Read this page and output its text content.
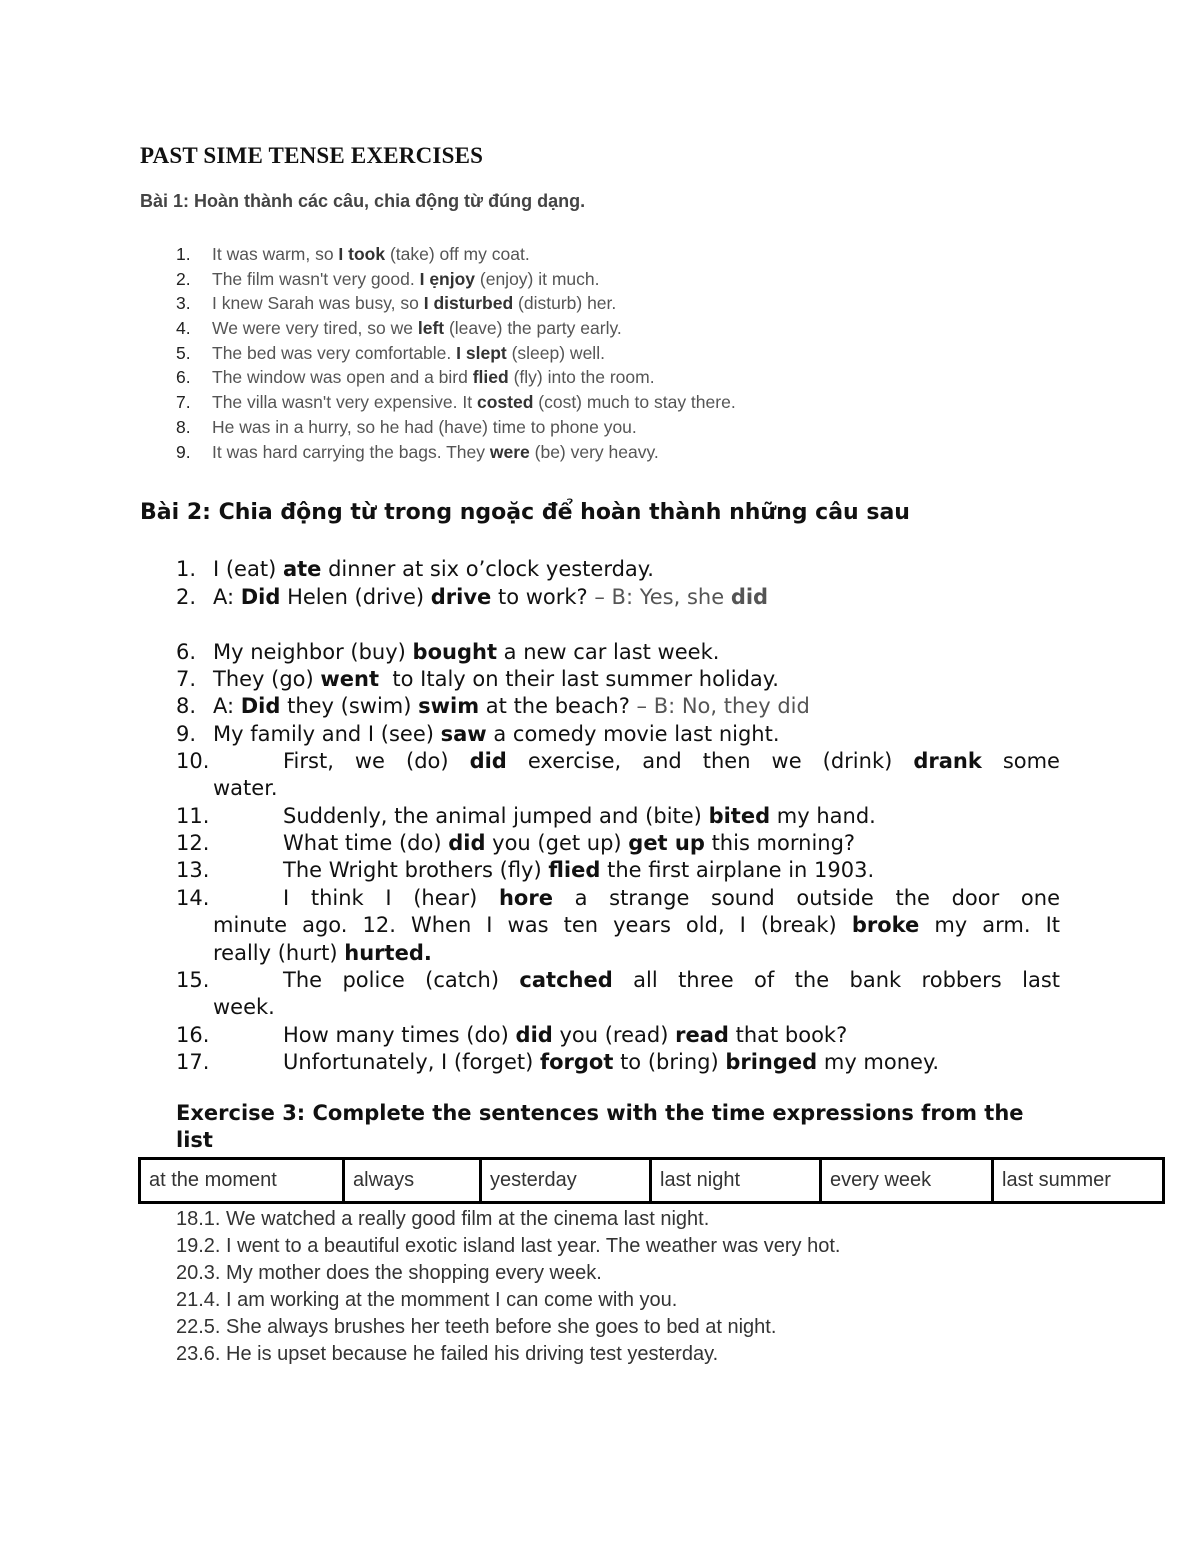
PAST SIME TENSE EXERCISES
Bài 1: Hoàn thành các câu, chia động từ đúng dạng.
1. It was warm, so I took (take) off my coat.
2. The film wasn't very good. I ẹnjoy (enjoy) it much.
3. I knew Sarah was busy, so I disturbed (disturb) her.
4. We were very tired, so we left (leave) the party early.
5. The bed was very comfortable. I slept (sleep) well.
6. The window was open and a bird flied (fly) into the room.
7. The villa wasn't very expensive. It costed (cost) much to stay there.
8. He was in a hurry, so he had (have) time to phone you.
9. It was hard carrying the bags. They were (be) very heavy.
Bài 2: Chia động từ trong ngoặc để hoàn thành những câu sau
1. I (eat) ate dinner at six o’clock yesterday.
2. A: Did Helen (drive) drive to work? – B: Yes, she did
6. My neighbor (buy) bought a new car last week.
7. They (go) went  to Italy on their last summer holiday.
8. A: Did they (swim) swim at the beach? – B: No, they did
9. My family and I (see) saw a comedy movie last night.
10.	First, we (do) did exercise, and then we (drink) drank some
water.
11.	Suddenly, the animal jumped and (bite) bited my hand.
12.	What time (do) did you (get up) get up this morning?
13.	The Wright brothers (fly) flied the first airplane in 1903.
14.	I think I (hear) hore a strange sound outside the door one
minute ago. 12. When I was ten years old, I (break) broke my arm. It
really (hurt) hurted.
15.	The police (catch) catched all three of the bank robbers last
week.
16.	How many times (do) did you (read) read that book?
17.	Unfortunately, I (forget) forgot to (bring) bringed my money.
Exercise 3: Complete the sentences with the time expressions from the list
at the moment	always	yesterday	last night	every week	last summer
18.1. We watched a really good film at the cinema last night.
19.2. I went to a beautiful exotic island last year. The weather was very hot.
20.3. My mother does the shopping every week.
21.4. I am working at the momment I can come with you.
22.5. She always brushes her teeth before she goes to bed at night.
23.6. He is upset because he failed his driving test yesterday.
